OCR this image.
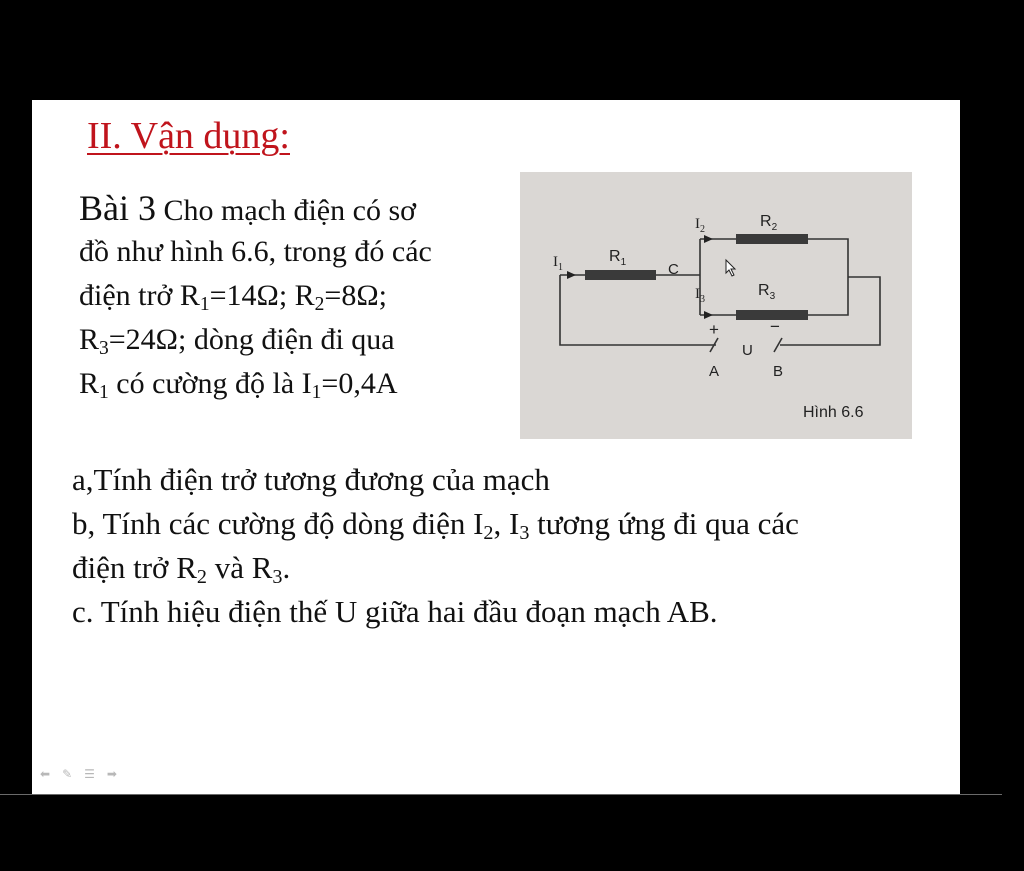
II. Vận dụng:
Bài 3 Cho mạch điện có sơ
đồ như hình 6.6, trong đó các
điện trở $R_1=14\Omega$; $R_2=8\Omega$;
$R_3=24\Omega$; dòng điện đi qua
$R_1$ có cường độ là $I_1=0,4A$
$I_1$
$R_1$
$I_2$	$R_2$
C
$I_3$
$R_3$
+	−
U
A	B
Hình 6.6
a,Tính điện trở tương đương của mạch
b, Tính các cường độ dòng điện $I_2$, $I_3$ tương ứng đi qua các
điện trở $R_2$ và $R_3$.
c. Tính hiệu điện thế U giữa hai đầu đoạn mạch AB.
⬅ ✎ ☰ ➡
